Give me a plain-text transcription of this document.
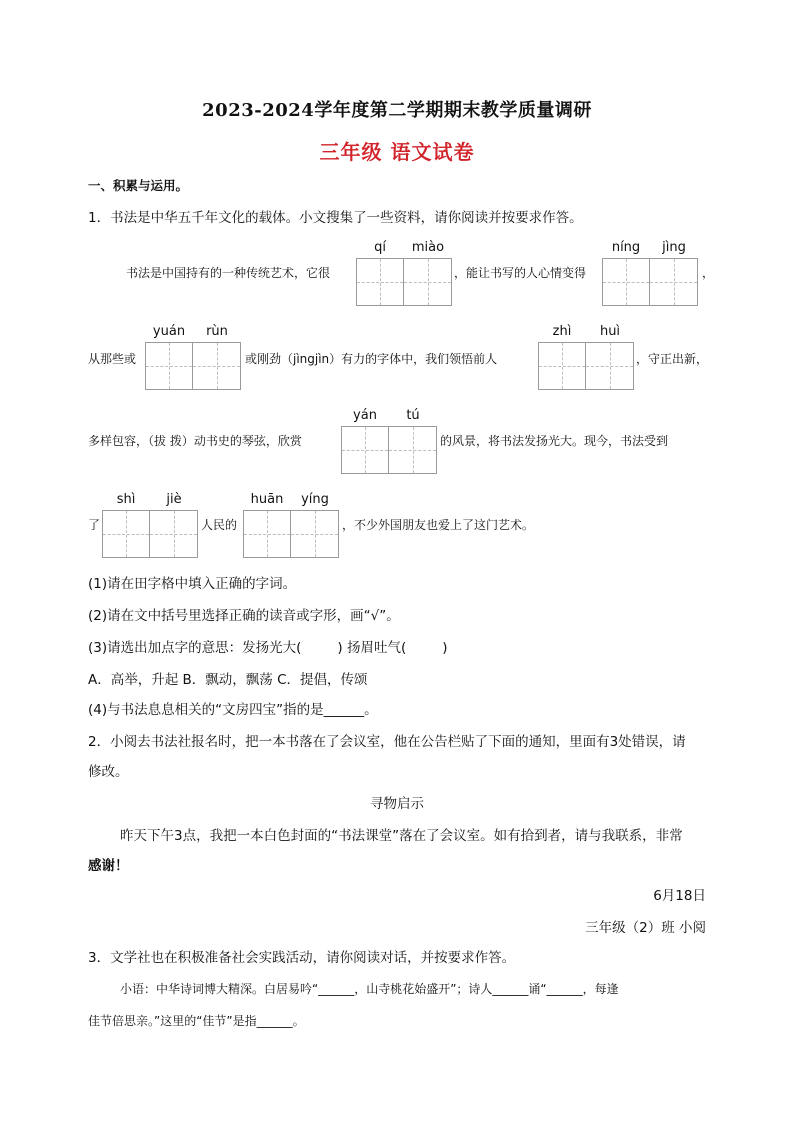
2023-2024学年度第二学期期末教学质量调研
三年级 语文试卷
一、积累与运用。
1．书法是中华五千年文化的载体。小文搜集了一些资料，请你阅读并按要求作答。
书法是中国持有的一种传统艺术，它很
qí	miào
，能让书写的人心情变得
níng	jìng
，
从那些或
yuán	rùn
或刚劲（jìngjìn）有力的字体中，我们领悟前人
zhì	huì
，守正出新，
多样包容，（拔 拨）动书史的琴弦，欣赏
yán	tú
的风景，将书法发扬光大。现今，书法受到
了
shì	jiè
人民的
huān	yíng
，不少外国朋友也爱上了这门艺术。
(1)请在田字格中填入正确的字词。
(2)请在文中括号里选择正确的读音或字形，画“√”。
(3)请选出加点字的意思：发扬光大(	) 扬眉吐气(	)
A．高举，升起 B．飘动，飘荡 C．提倡，传颂
(4)与书法息息相关的“文房四宝”指的是______。
2．小阅去书法社报名时，把一本书落在了会议室，他在公告栏贴了下面的通知，里面有3处错误，请
修改。
寻物启示
昨天下午3点，我把一本白色封面的“书法课堂”落在了会议室。如有拾到者，请与我联系，非常
感谢！
6月18日
三年级（2）班 小阅
3．文学社也在积极准备社会实践活动，请你阅读对话，并按要求作答。
小语：中华诗词博大精深。白居易吟“______，山寺桃花始盛开”；诗人______诵“______，每逢
佳节倍思亲。”这里的“佳节”是指______。
